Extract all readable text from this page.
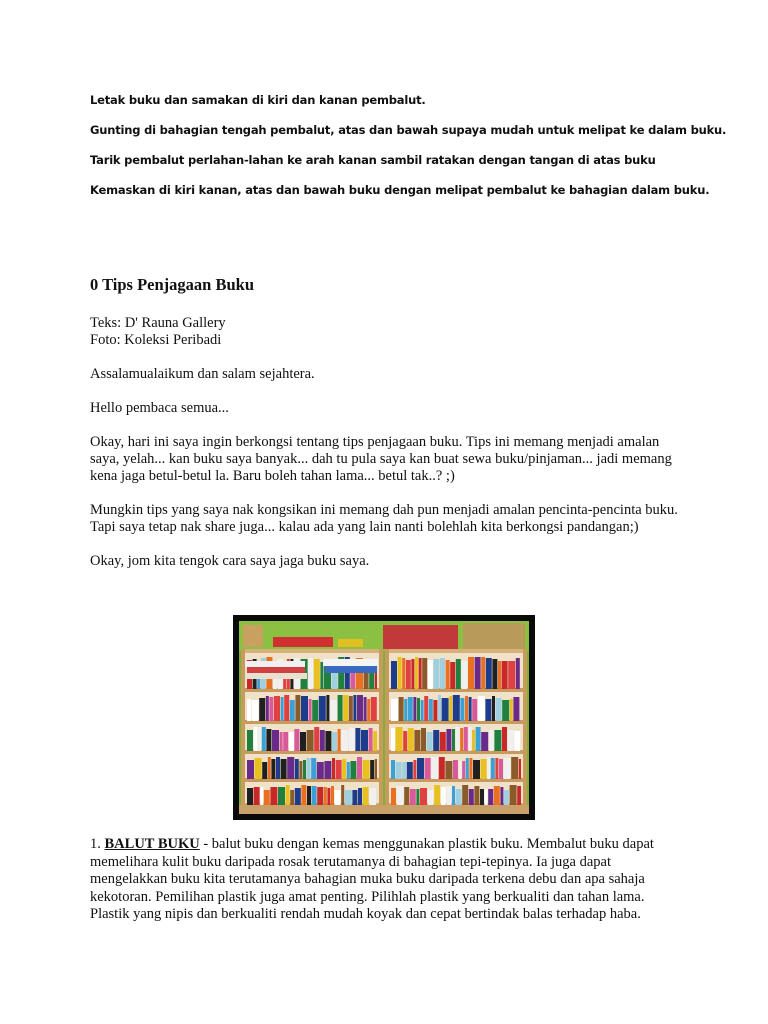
Letak buku dan samakan di kiri dan kanan pembalut.

Gunting di bahagian tengah pembalut, atas dan bawah supaya mudah untuk melipat ke dalam buku.

Tarik pembalut perlahan-lahan ke arah kanan sambil ratakan dengan tangan di atas buku

Kemaskan di kiri kanan, atas dan bawah buku dengan melipat pembalut ke bahagian dalam buku.

0 Tips Penjagaan Buku

Teks: D' Rauna Gallery

Foto: Koleksi Peribadi

Assalamualaikum dan salam sejahtera.

Hello pembaca semua...

Okay, hari ini saya ingin berkongsi tentang tips penjagaan buku. Tips ini memang menjadi amalan saya, yelah... kan buku saya banyak... dah tu pula saya kan buat sewa buku/pinjaman... jadi memang kena jaga betul-betul la. Baru boleh tahan lama... betul tak..? ;)

Mungkin tips yang saya nak kongsikan ini memang dah pun menjadi amalan pencinta-pencinta buku. Tapi saya tetap nak share juga... kalau ada yang lain nanti bolehlah kita berkongsi pandangan;)

Okay, jom kita tengok cara saya jaga buku saya.

1. BALUT BUKU - balut buku dengan kemas menggunakan plastik buku. Membalut buku dapat memelihara kulit buku daripada rosak terutamanya di bahagian tepi-tepinya. Ia juga dapat mengelakkan buku kita terutamanya bahagian muka buku daripada terkena debu dan apa sahaja kekotoran. Pemilihan plastik juga amat penting. Pilihlah plastik yang berkualiti dan tahan lama. Plastik yang nipis dan berkualiti rendah mudah koyak dan cepat bertindak balas terhadap haba.
